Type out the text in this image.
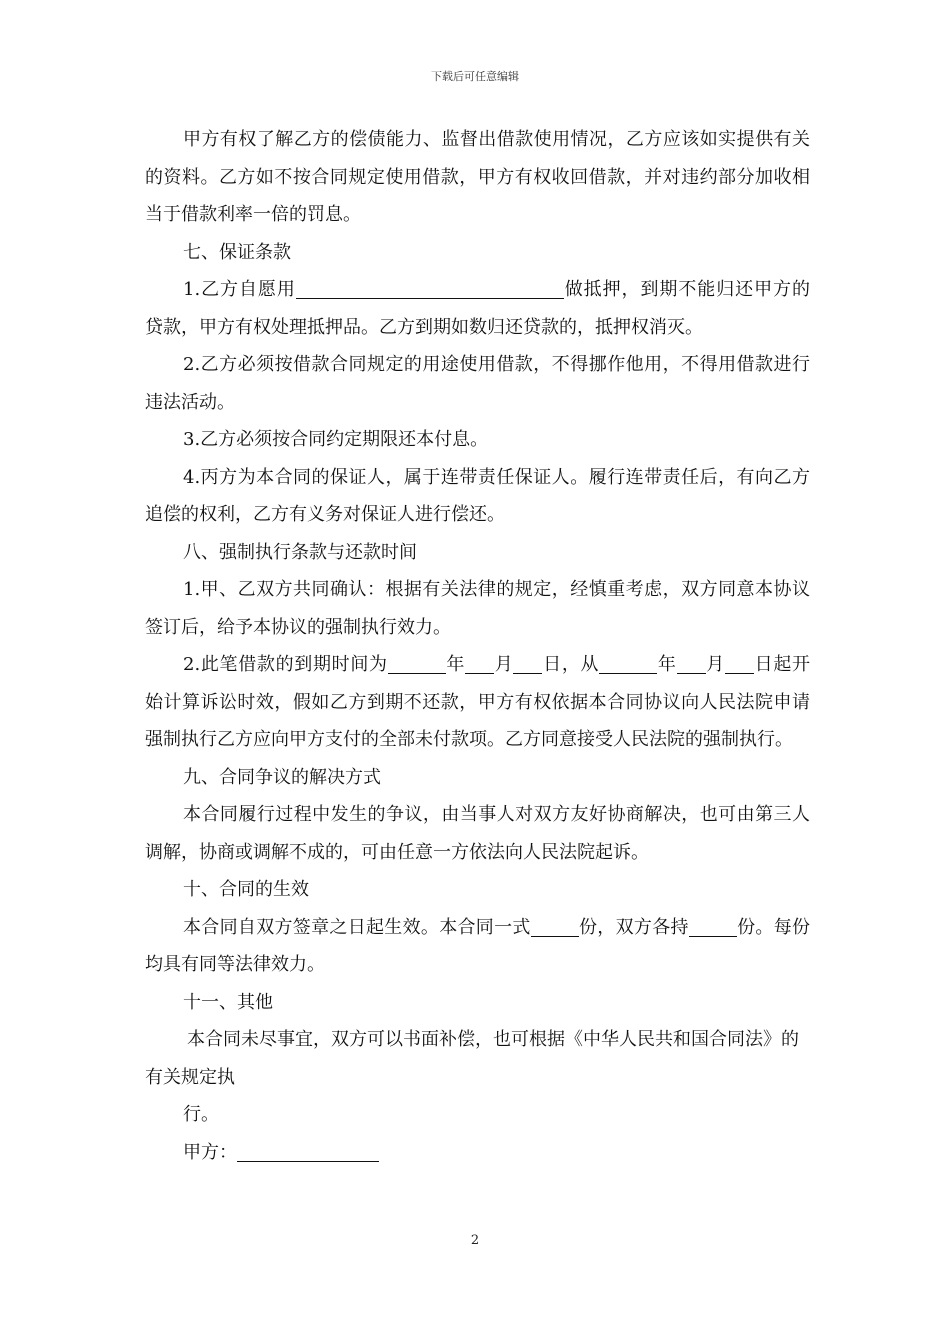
下载后可任意编辑

甲方有权了解乙方的偿债能力、监督出借款使用情况，乙方应该如实提供有关的资料。乙方如不按合同规定使用借款，甲方有权收回借款，并对违约部分加收相当于借款利率一倍的罚息。

七、保证条款

1.乙方自愿用	做抵押，到期不能归还甲方的贷款，甲方有权处理抵押品。乙方到期如数归还贷款的，抵押权消灭。

2.乙方必须按借款合同规定的用途使用借款，不得挪作他用，不得用借款进行违法活动。

3.乙方必须按合同约定期限还本付息。

4.丙方为本合同的保证人，属于连带责任保证人。履行连带责任后，有向乙方追偿的权利，乙方有义务对保证人进行偿还。

八、强制执行条款与还款时间

1.甲、乙双方共同确认：根据有关法律的规定，经慎重考虑，双方同意本协议签订后，给予本协议的强制执行效力。

2.此笔借款的到期时间为	年 月 日，从	年 月 日起开始计算诉讼时效，假如乙方到期不还款，甲方有权依据本合同协议向人民法院申请强制执行乙方应向甲方支付的全部未付款项。乙方同意接受人民法院的强制执行。

九、合同争议的解决方式

本合同履行过程中发生的争议，由当事人对双方友好协商解决，也可由第三人调解，协商或调解不成的，可由任意一方依法向人民法院起诉。

十、合同的生效

本合同自双方签章之日起生效。本合同一式	份，双方各持	份。每份均具有同等法律效力。

十一、其他

本合同未尽事宜，双方可以书面补偿，也可根据《中华人民共和国合同法》的有关规定执

行。

甲方：

2
